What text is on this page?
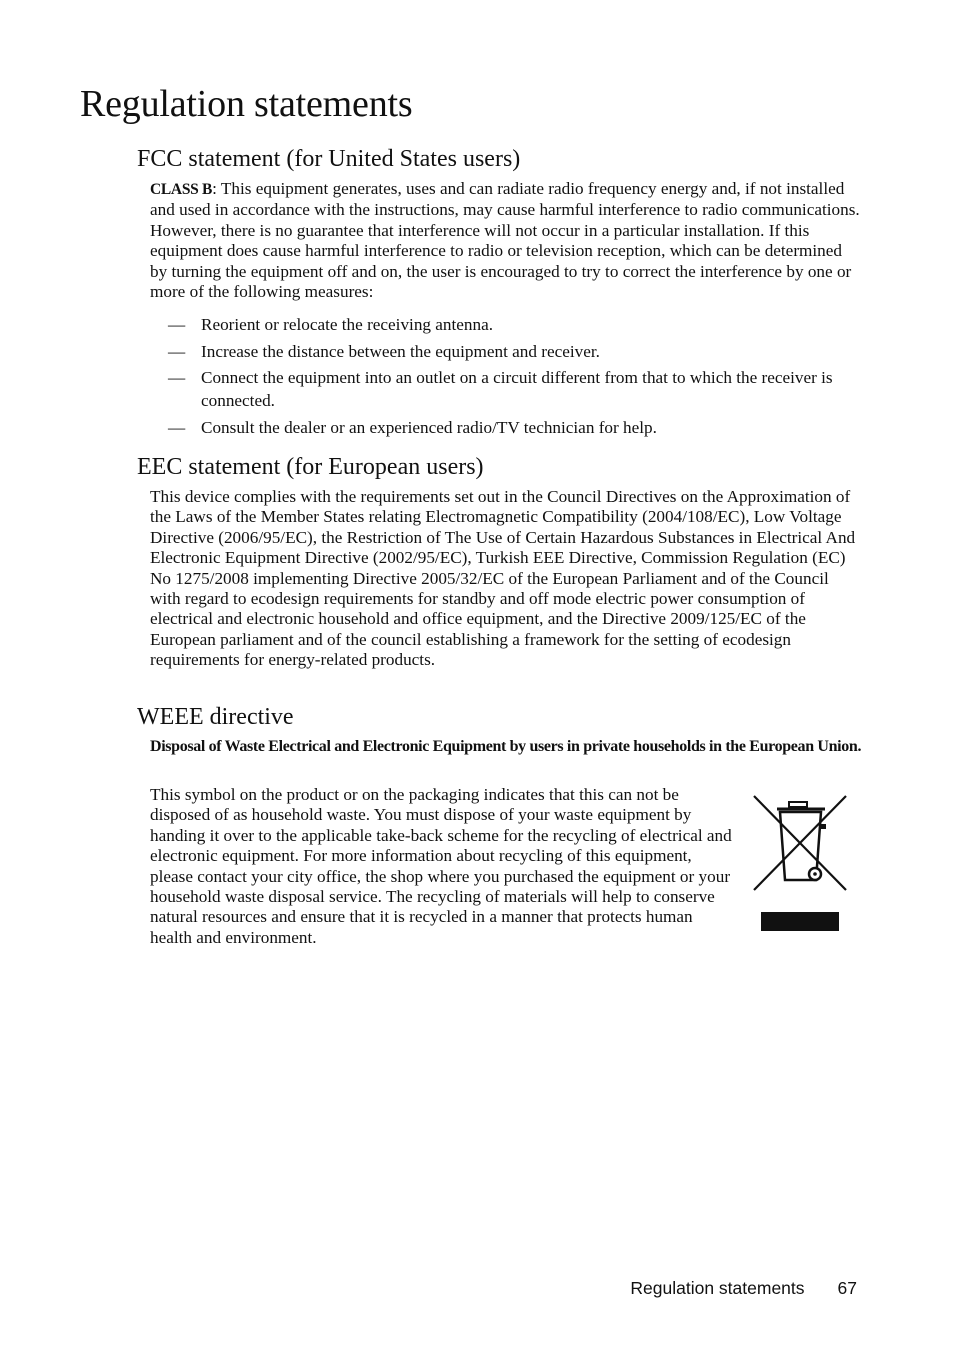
Regulation statements
FCC statement (for United States users)

CLASS B: This equipment generates, uses and can radiate radio frequency energy and, if not installed and used in accordance with the instructions, may cause harmful interference to radio communications. However, there is no guarantee that interference will not occur in a particular installation. If this equipment does cause harmful interference to radio or television reception, which can be determined by turning the equipment off and on, the user is encouraged to try to correct the interference by one or more of the following measures:

— Reorient or relocate the receiving antenna.
— Increase the distance between the equipment and receiver.
— Connect the equipment into an outlet on a circuit different from that to which the receiver is connected.
— Consult the dealer or an experienced radio/TV technician for help.
EEC statement (for European users)

This device complies with the requirements set out in the Council Directives on the Approximation of the Laws of the Member States relating Electromagnetic Compatibility (2004/108/EC), Low Voltage Directive (2006/95/EC), the Restriction of The Use of Certain Hazardous Substances in Electrical And Electronic Equipment Directive (2002/95/EC), Turkish EEE Directive, Commission Regulation (EC) No 1275/2008 implementing Directive 2005/32/EC of the European Parliament and of the Council with regard to ecodesign requirements for standby and off mode electric power consumption of electrical and electronic household and office equipment, and the Directive 2009/125/EC of the European parliament and of the council establishing a framework for the setting of ecodesign requirements for energy-related products.

WEEE directive

Disposal of Waste Electrical and Electronic Equipment by users in private households in the European Union.

This symbol on the product or on the packaging indicates that this can not be disposed of as household waste. You must dispose of your waste equipment by handing it over to the applicable take-back scheme for the recycling of electrical and electronic equipment. For more information about recycling of this equipment, please contact your city office, the shop where you purchased the equipment or your household waste disposal service. The recycling of materials will help to conserve natural resources and ensure that it is recycled in a manner that protects human health and environment.

Regulation statements 67
